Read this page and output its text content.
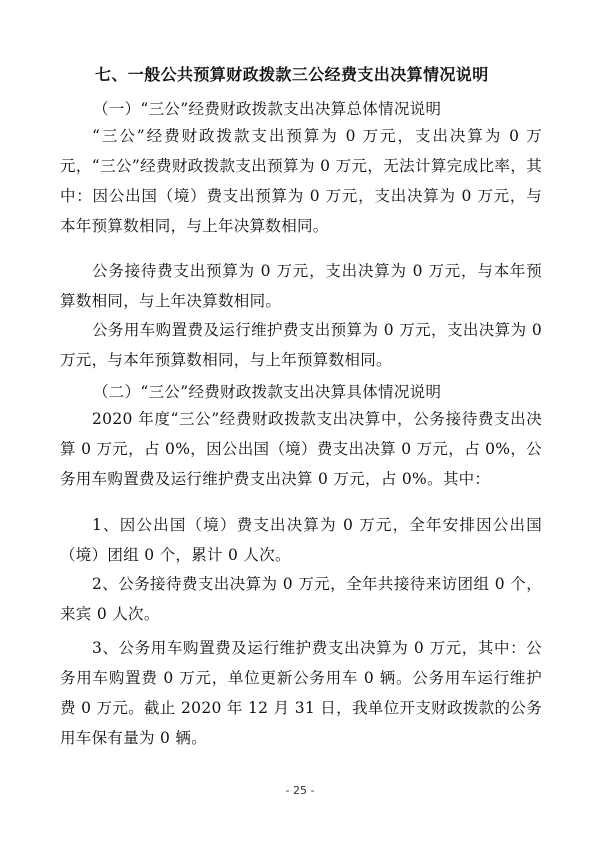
七、一般公共预算财政拨款三公经费支出决算情况说明
（一）“三公”经费财政拨款支出决算总体情况说明
“三公”经费财政拨款支出预算为 0 万元，支出决算为 0 万元，“三公”经费财政拨款支出预算为 0 万元，无法计算完成比率，其中：因公出国（境）费支出预算为 0 万元，支出决算为 0 万元，与本年预算数相同，与上年决算数相同。
公务接待费支出预算为 0 万元，支出决算为 0 万元，与本年预算数相同，与上年决算数相同。
公务用车购置费及运行维护费支出预算为 0 万元，支出决算为 0 万元，与本年预算数相同，与上年预算数相同。
（二）“三公”经费财政拨款支出决算具体情况说明
2020 年度“三公”经费财政拨款支出决算中，公务接待费支出决算 0 万元，占 0%，因公出国（境）费支出决算 0 万元，占 0%，公务用车购置费及运行维护费支出决算 0 万元，占 0%。其中：
1、因公出国（境）费支出决算为 0 万元，全年安排因公出国（境）团组 0 个，累计 0 人次。
2、公务接待费支出决算为 0 万元，全年共接待来访团组 0 个，来宾 0 人次。
3、公务用车购置费及运行维护费支出决算为 0 万元，其中：公务用车购置费 0 万元，单位更新公务用车 0 辆。公务用车运行维护费 0 万元。截止 2020 年 12 月 31 日，我单位开支财政拨款的公务用车保有量为 0 辆。
- 25 -
